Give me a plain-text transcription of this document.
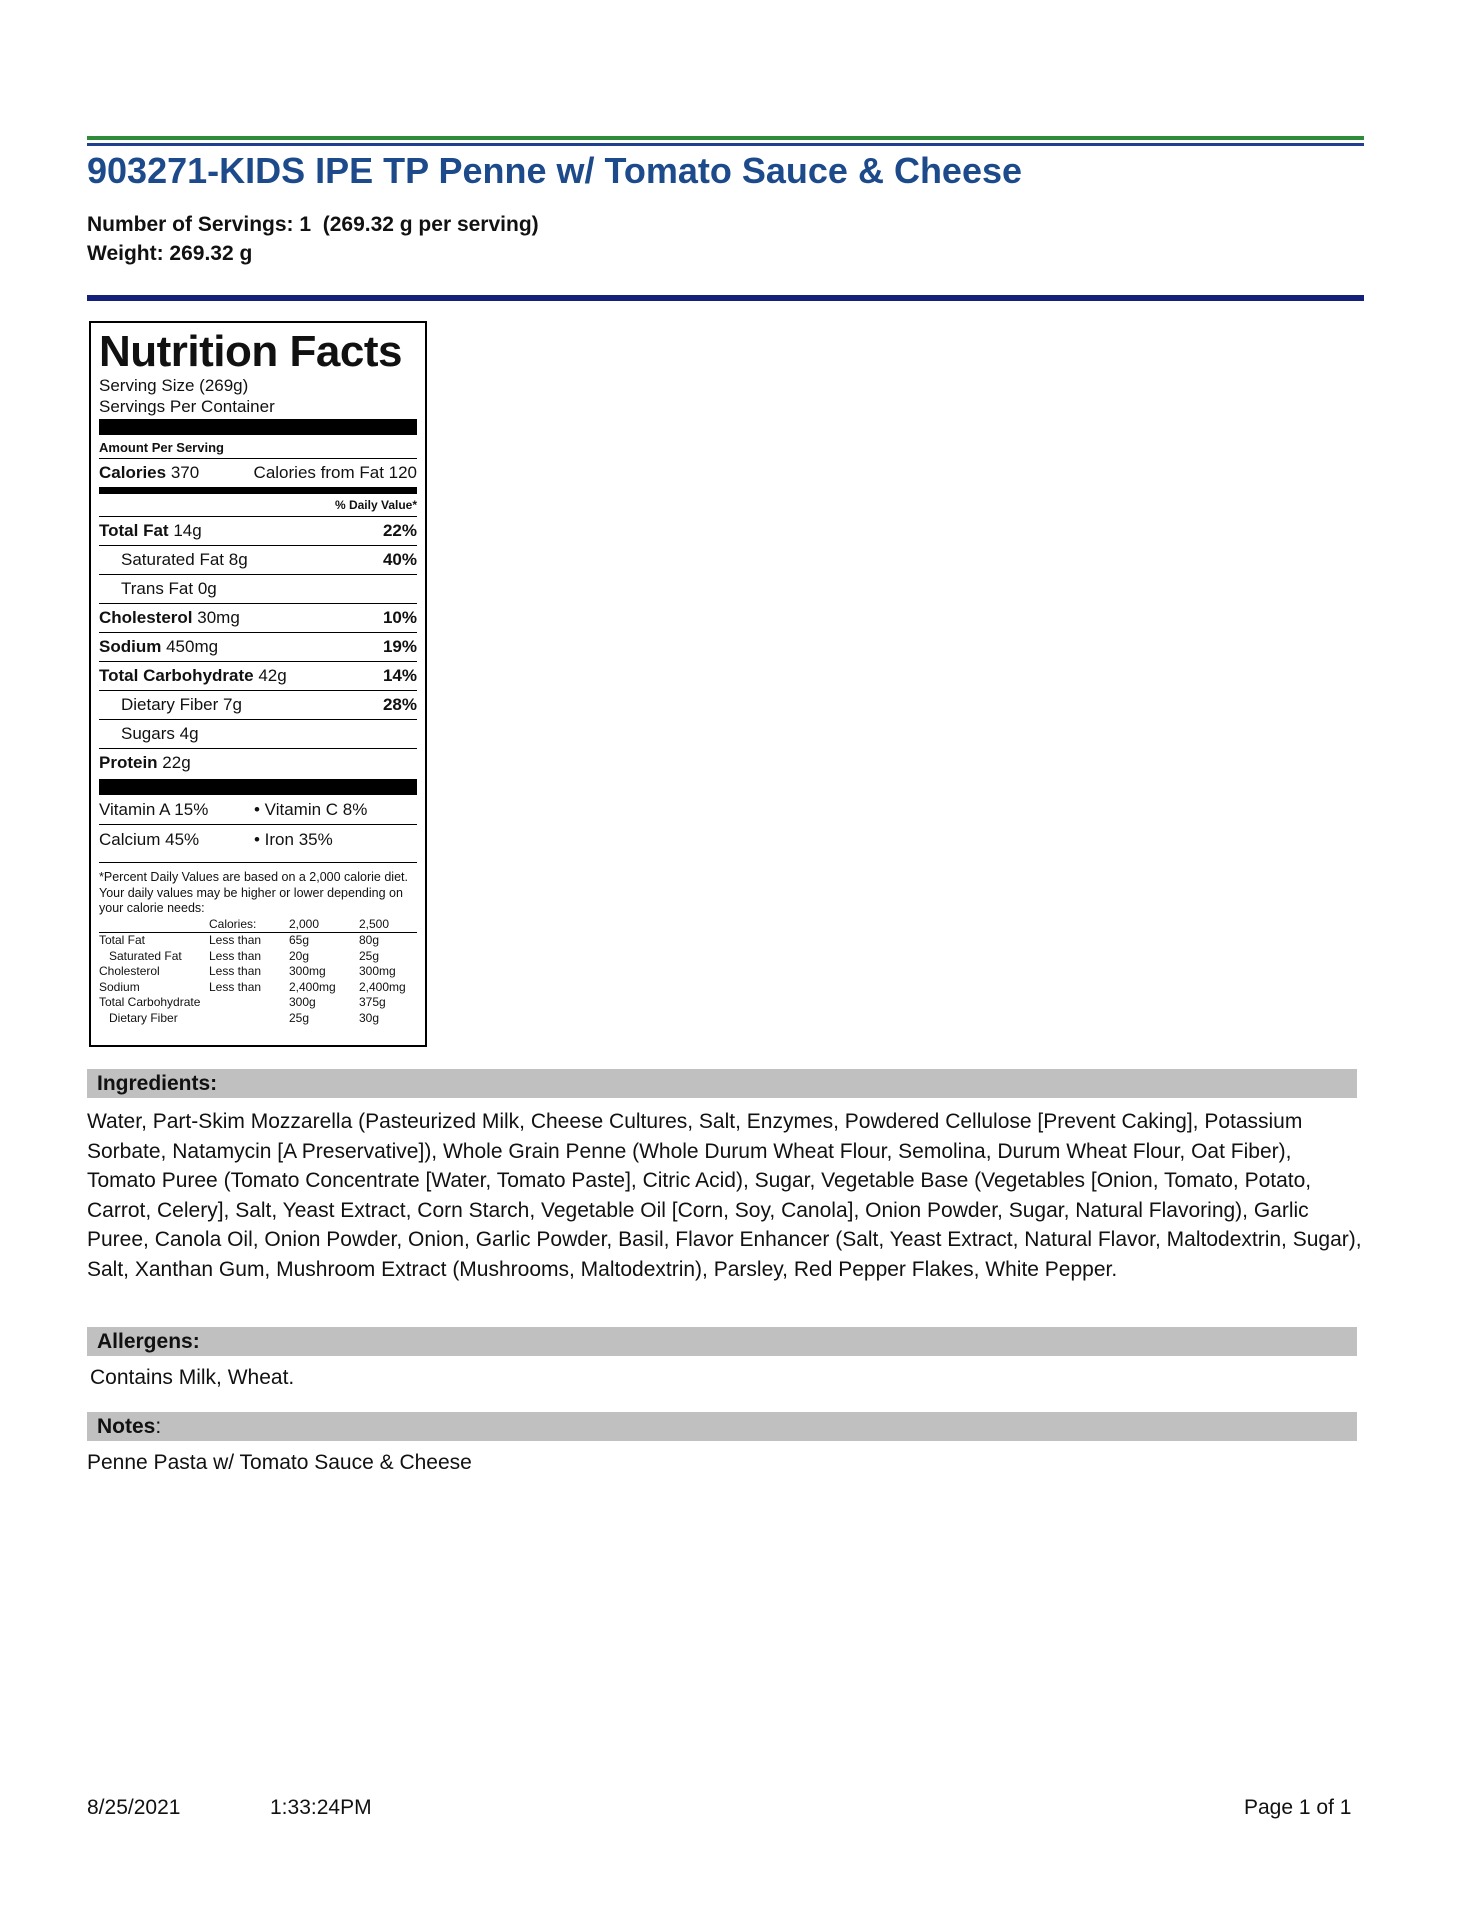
903271-KIDS IPE TP Penne w/ Tomato Sauce & Cheese
Number of Servings: 1  (269.32 g per serving)
Weight: 269.32 g
Nutrition Facts
Serving Size (269g)
Servings Per Container
Amount Per Serving
Calories 370	Calories from Fat 120
% Daily Value*
Total Fat 14g	22%
Saturated Fat 8g	40%
Trans Fat 0g
Cholesterol 30mg	10%
Sodium 450mg	19%
Total Carbohydrate 42g	14%
Dietary Fiber 7g	28%
Sugars 4g
Protein 22g
Vitamin A 15%	• Vitamin C 8%
Calcium 45%	• Iron 35%
*Percent Daily Values are based on a 2,000 calorie diet. Your daily values may be higher or lower depending on your calorie needs:
	Calories:	2,000	2,500
Total Fat	Less than	65g	80g
Saturated Fat	Less than	20g	25g
Cholesterol	Less than	300mg	300mg
Sodium	Less than	2,400mg	2,400mg
Total Carbohydrate		300g	375g
Dietary Fiber		25g	30g
Ingredients:
Water, Part-Skim Mozzarella (Pasteurized Milk, Cheese Cultures, Salt, Enzymes, Powdered Cellulose [Prevent Caking], Potassium Sorbate, Natamycin [A Preservative]), Whole Grain Penne (Whole Durum Wheat Flour, Semolina, Durum Wheat Flour, Oat Fiber), Tomato Puree (Tomato Concentrate [Water, Tomato Paste], Citric Acid), Sugar, Vegetable Base (Vegetables [Onion, Tomato, Potato, Carrot, Celery], Salt, Yeast Extract, Corn Starch, Vegetable Oil [Corn, Soy, Canola], Onion Powder, Sugar, Natural Flavoring), Garlic Puree, Canola Oil, Onion Powder, Onion, Garlic Powder, Basil, Flavor Enhancer (Salt, Yeast Extract, Natural Flavor, Maltodextrin, Sugar), Salt, Xanthan Gum, Mushroom Extract (Mushrooms, Maltodextrin), Parsley, Red Pepper Flakes, White Pepper.
Allergens:
Contains Milk, Wheat.
Notes:
Penne Pasta w/ Tomato Sauce & Cheese
8/25/2021	1:33:24PM	Page 1 of 1
